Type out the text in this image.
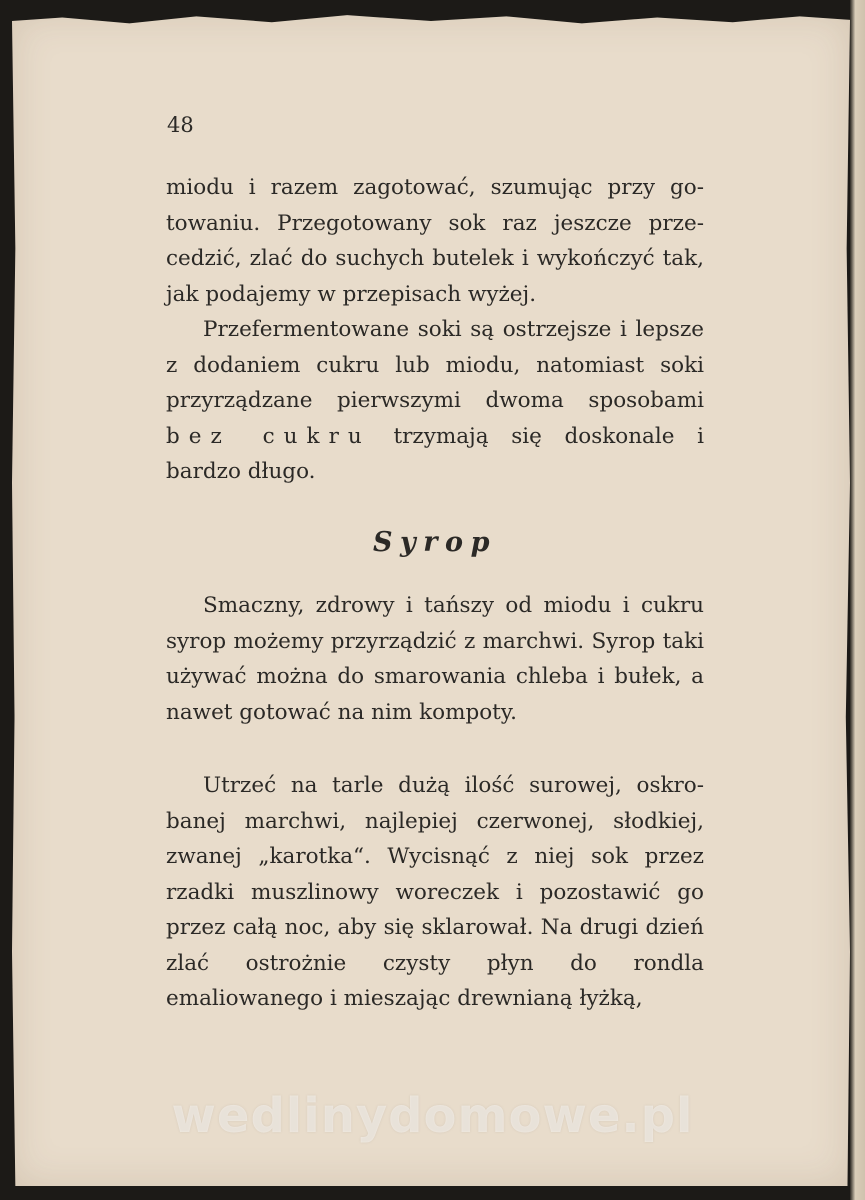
48

miodu i razem zagotować, szumując przy gotowaniu. Przegotowany sok raz jeszcze przecedzić, zlać do suchych butelek i wykończyć tak, jak podajemy w przepisach wyżej.

Przefermentowane soki są ostrzejsze i lepsze z dodaniem cukru lub miodu, natomiast soki przyrządzane pierwszymi dwoma sposobami bez cukru trzymają się doskonale i bardzo długo.

Syrop

Smaczny, zdrowy i tańszy od miodu i cukru syrop możemy przyrządzić z marchwi. Syrop taki używać można do smarowania chleba i bułek, a nawet gotować na nim kompoty.

Utrzeć na tarle dużą ilość surowej, oskrobanej marchwi, najlepiej czerwonej, słodkiej, zwanej „karotka“. Wycisnąć z niej sok przez rzadki muszlinowy woreczek i pozostawić go przez całą noc, aby się sklarował. Na drugi dzień zlać ostrożnie czysty płyn do rondla emaliowanego i mieszając drewnianą łyżką,

wedlinydomowe.pl
